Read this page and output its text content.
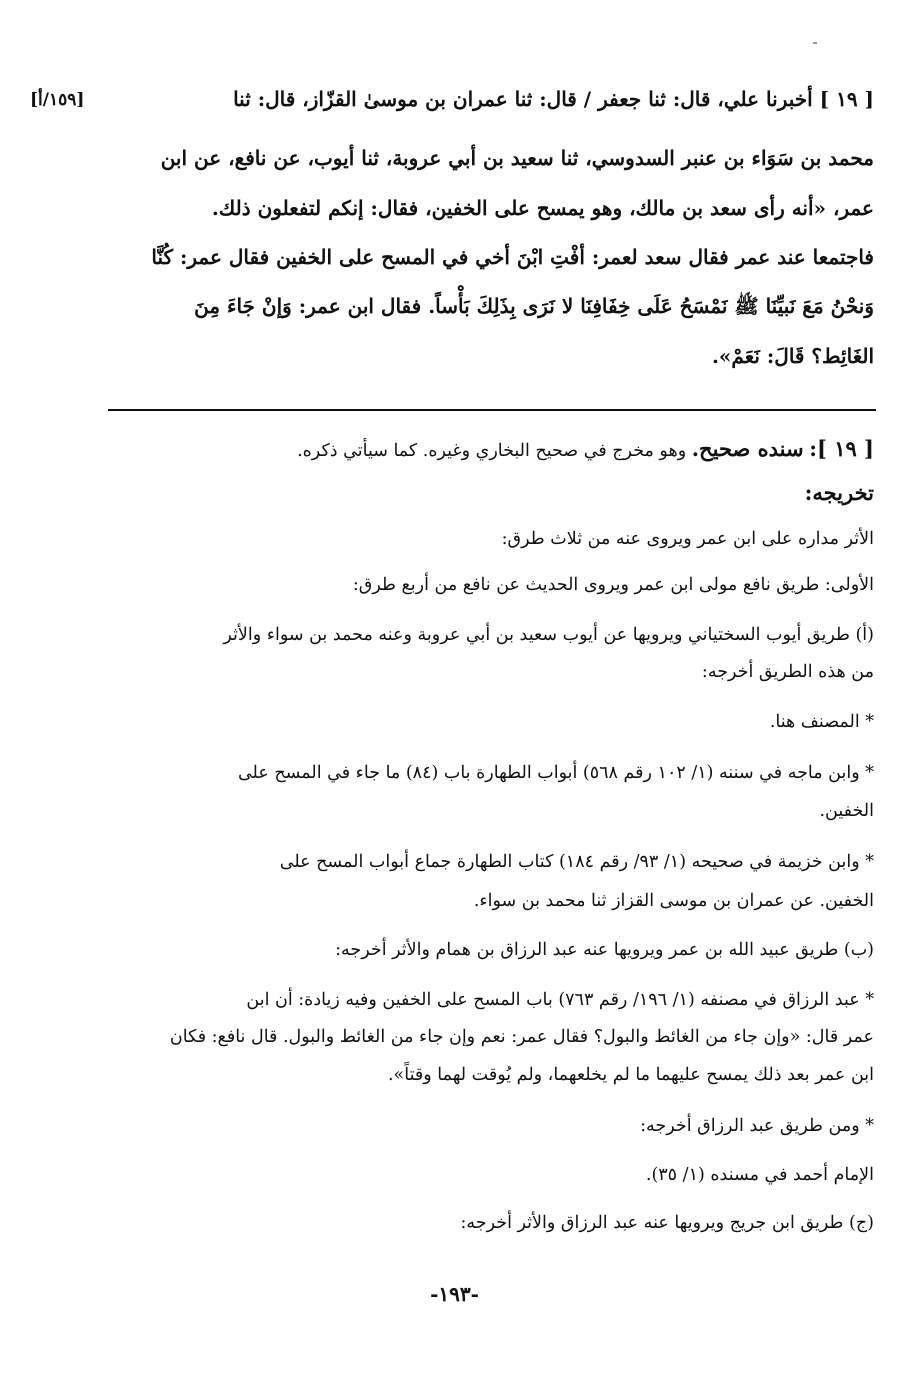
[١٥٩/أ]	[ ١٩ ] أخبرنا علي، قال: ثنا جعفر / قال: ثنا عمران بن موسىٰ القزّاز، قال: ثنا
محمد بن سَوَاء بن عنبر السدوسي، ثنا سعيد بن أبي عروبة، ثنا أيوب، عن نافع، عن ابن
عمر، «أنه رأى سعد بن مالك، وهو يمسح على الخفين، فقال: إنكم لتفعلون ذلك.
فاجتمعا عند عمر فقال سعد لعمر: أفْتِ ابْنَ أخي في المسح على الخفين فقال عمر: كُنَّا
وَنحْنُ مَعَ نَبيِّنَا ﷺ نَمْسَحُ عَلَى خِفَافِنَا لا نَرَى بِذَلِكَ بَأْساً. فقال ابن عمر: وَإنْ جَاءَ مِنَ
الغَائِط؟ قَالَ: نَعَمْ».
[ ١٩ ]: سنده صحيح. وهو مخرج في صحيح البخاري وغيره. كما سيأتي ذكره.
تخريجه:
الأثر مداره على ابن عمر ويروى عنه من ثلاث طرق:
الأولى: طريق نافع مولى ابن عمر ويروى الحديث عن نافع من أربع طرق:
(أ) طريق أيوب السختياني ويرويها عن أيوب سعيد بن أبي عروبة وعنه محمد بن سواء والأثر
من هذه الطريق أخرجه:
* المصنف هنا.
* وابن ماجه في سننه (١/ ١٠٢ رقم ٥٦٨) أبواب الطهارة باب (٨٤) ما جاء في المسح على
الخفين.
* وابن خزيمة في صحيحه (١/ ٩٣/ رقم ١٨٤) كتاب الطهارة جماع أبواب المسح على
الخفين. عن عمران بن موسى القزاز ثنا محمد بن سواء.
(ب) طريق عبيد الله بن عمر ويرويها عنه عبد الرزاق بن همام والأثر أخرجه:
* عبد الرزاق في مصنفه (١/ ١٩٦/ رقم ٧٦٣) باب المسح على الخفين وفيه زيادة: أن ابن
عمر قال: «وإن جاء من الغائط والبول؟ فقال عمر: نعم وإن جاء من الغائط والبول. قال نافع: فكان
ابن عمر بعد ذلك يمسح عليهما ما لم يخلعهما، ولم يُوقت لهما وقتاً».
* ومن طريق عبد الرزاق أخرجه:
الإمام أحمد في مسنده (١/ ٣٥).
(ج) طريق ابن جريج ويرويها عنه عبد الرزاق والأثر أخرجه:
-١٩٣-
